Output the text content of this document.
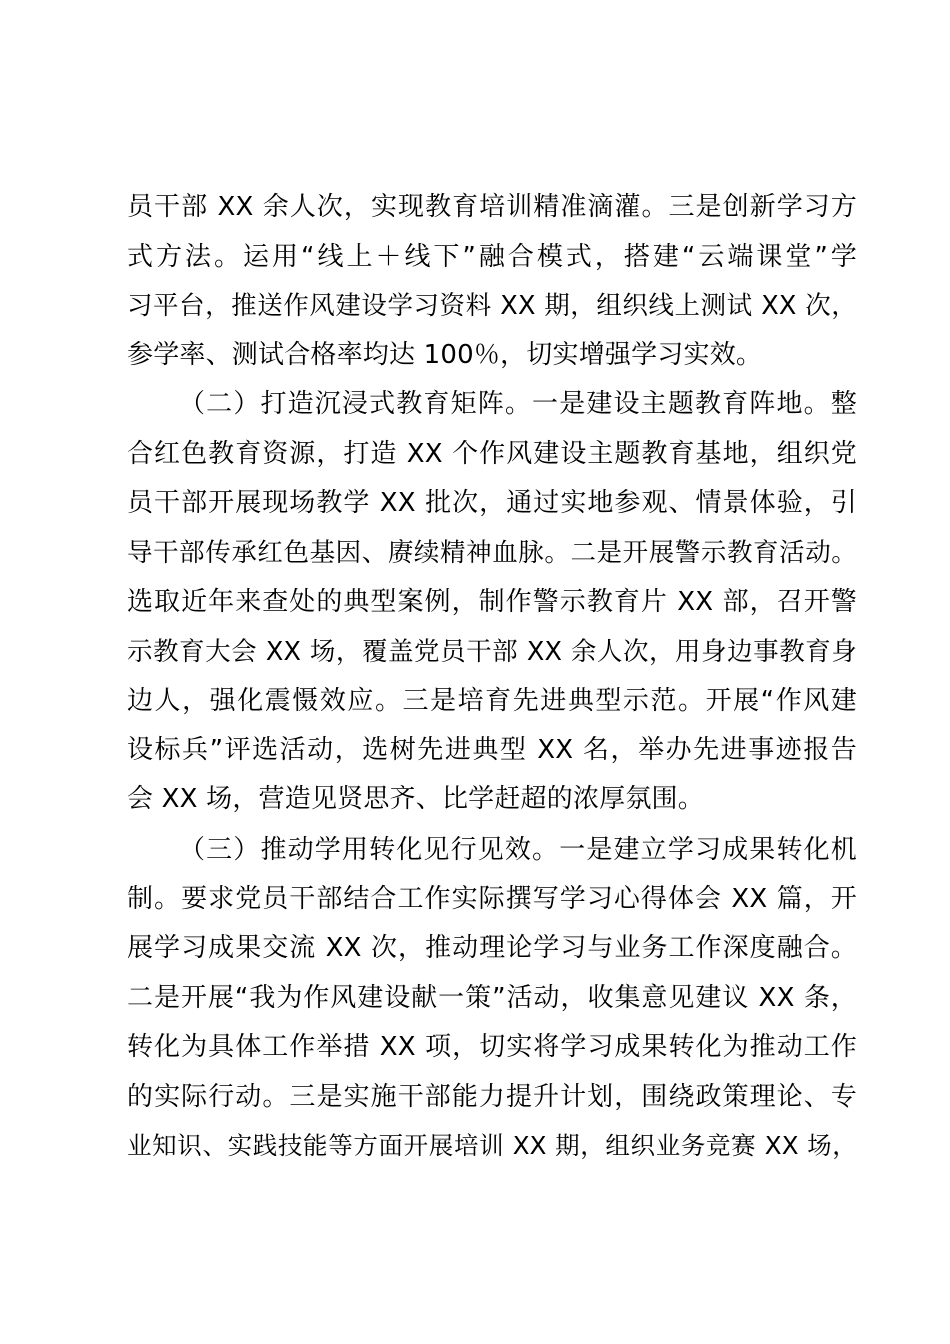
员干部 XX 余人次，实现教育培训精准滴灌。三是创新学习方
式方法。运用“线上＋线下”融合模式，搭建“云端课堂”学
习平台，推送作风建设学习资料 XX 期，组织线上测试 XX 次，
参学率、测试合格率均达 100％，切实增强学习实效。
（二）打造沉浸式教育矩阵。一是建设主题教育阵地。整
合红色教育资源，打造 XX 个作风建设主题教育基地，组织党
员干部开展现场教学 XX 批次，通过实地参观、情景体验，引
导干部传承红色基因、赓续精神血脉。二是开展警示教育活动。
选取近年来查处的典型案例，制作警示教育片 XX 部，召开警
示教育大会 XX 场，覆盖党员干部 XX 余人次，用身边事教育身
边人，强化震慑效应。三是培育先进典型示范。开展“作风建
设标兵”评选活动，选树先进典型 XX 名，举办先进事迹报告
会 XX 场，营造见贤思齐、比学赶超的浓厚氛围。
（三）推动学用转化见行见效。一是建立学习成果转化机
制。要求党员干部结合工作实际撰写学习心得体会 XX 篇，开
展学习成果交流 XX 次，推动理论学习与业务工作深度融合。
二是开展“我为作风建设献一策”活动，收集意见建议 XX 条，
转化为具体工作举措 XX 项，切实将学习成果转化为推动工作
的实际行动。三是实施干部能力提升计划，围绕政策理论、专
业知识、实践技能等方面开展培训 XX 期，组织业务竞赛 XX 场，
